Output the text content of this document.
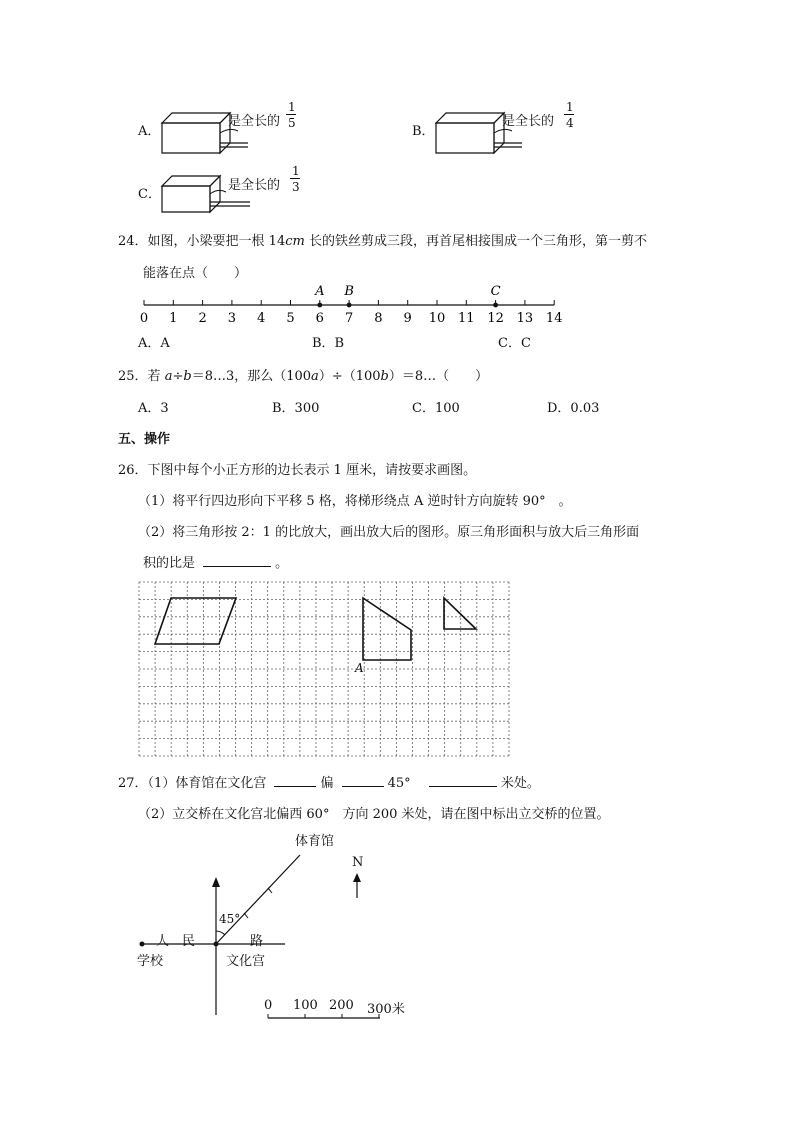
A．
是全长的
1
5
B．
是全长的
1
4
C．
是全长的
1
3
24．如图，小梁要把一根 14cm 长的铁丝剪成三段，再首尾相接围成一个三角形，第一剪不
能落在点（　　）
0 1 2 3 4 5 6 7 8 9 10 11 12 13 14
A B	C
A．A	B．B	C．C
25．若 a÷b＝8…3，那么（100a）÷（100b）＝8…（　　）
A．3	B．300	C．100	D．0.03
五、操作
26．下图中每个小正方形的边长表示 1 厘米，请按要求画图。
（1）将平行四边形向下平移 5 格，将梯形绕点 A 逆时针方向旋转 90°　。
（2）将三角形按 2：1 的比放大，画出放大后的图形。原三角形面积与放大后三角形面
积的比是	。
A
27．（1）体育馆在文化宫	偏	45°	米处。
（2）立交桥在文化宫北偏西 60°　方向 200 米处，请在图中标出立交桥的位置。
体育馆
N
45°
人　民	路
学校	文化宫
0 100 200 300米
